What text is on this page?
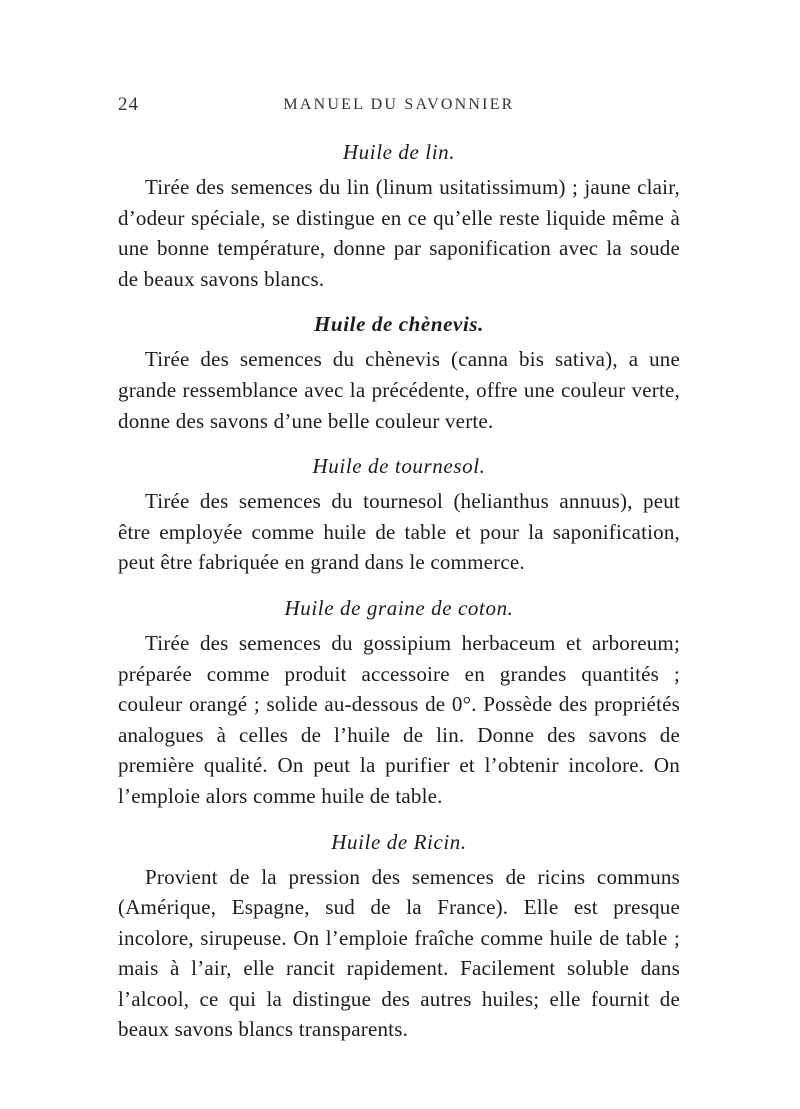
24	MANUEL DU SAVONNIER

Huile de lin.

Tirée des semences du lin (linum usitatissimum) ; jaune clair, d’odeur spéciale, se distingue en ce qu’elle reste liquide même à une bonne température, donne par saponification avec la soude de beaux savons blancs.

Huile de chènevis.

Tirée des semences du chènevis (canna bis sativa), a une grande ressemblance avec la précédente, offre une couleur verte, donne des savons d’une belle couleur verte.

Huile de tournesol.

Tirée des semences du tournesol (helianthus annuus), peut être employée comme huile de table et pour la saponification, peut être fabriquée en grand dans le commerce.

Huile de graine de coton.

Tirée des semences du gossipium herbaceum et arboreum; préparée comme produit accessoire en grandes quantités ; couleur orangé ; solide au-dessous de 0°. Possède des propriétés analogues à celles de l’huile de lin. Donne des savons de première qualité. On peut la purifier et l’obtenir incolore. On l’emploie alors comme huile de table.

Huile de Ricin.

Provient de la pression des semences de ricins communs (Amérique, Espagne, sud de la France). Elle est presque incolore, sirupeuse. On l’emploie fraîche comme huile de table ; mais à l’air, elle rancit rapidement. Facilement soluble dans l’alcool, ce qui la distingue des autres huiles; elle fournit de beaux savons blancs transparents.
